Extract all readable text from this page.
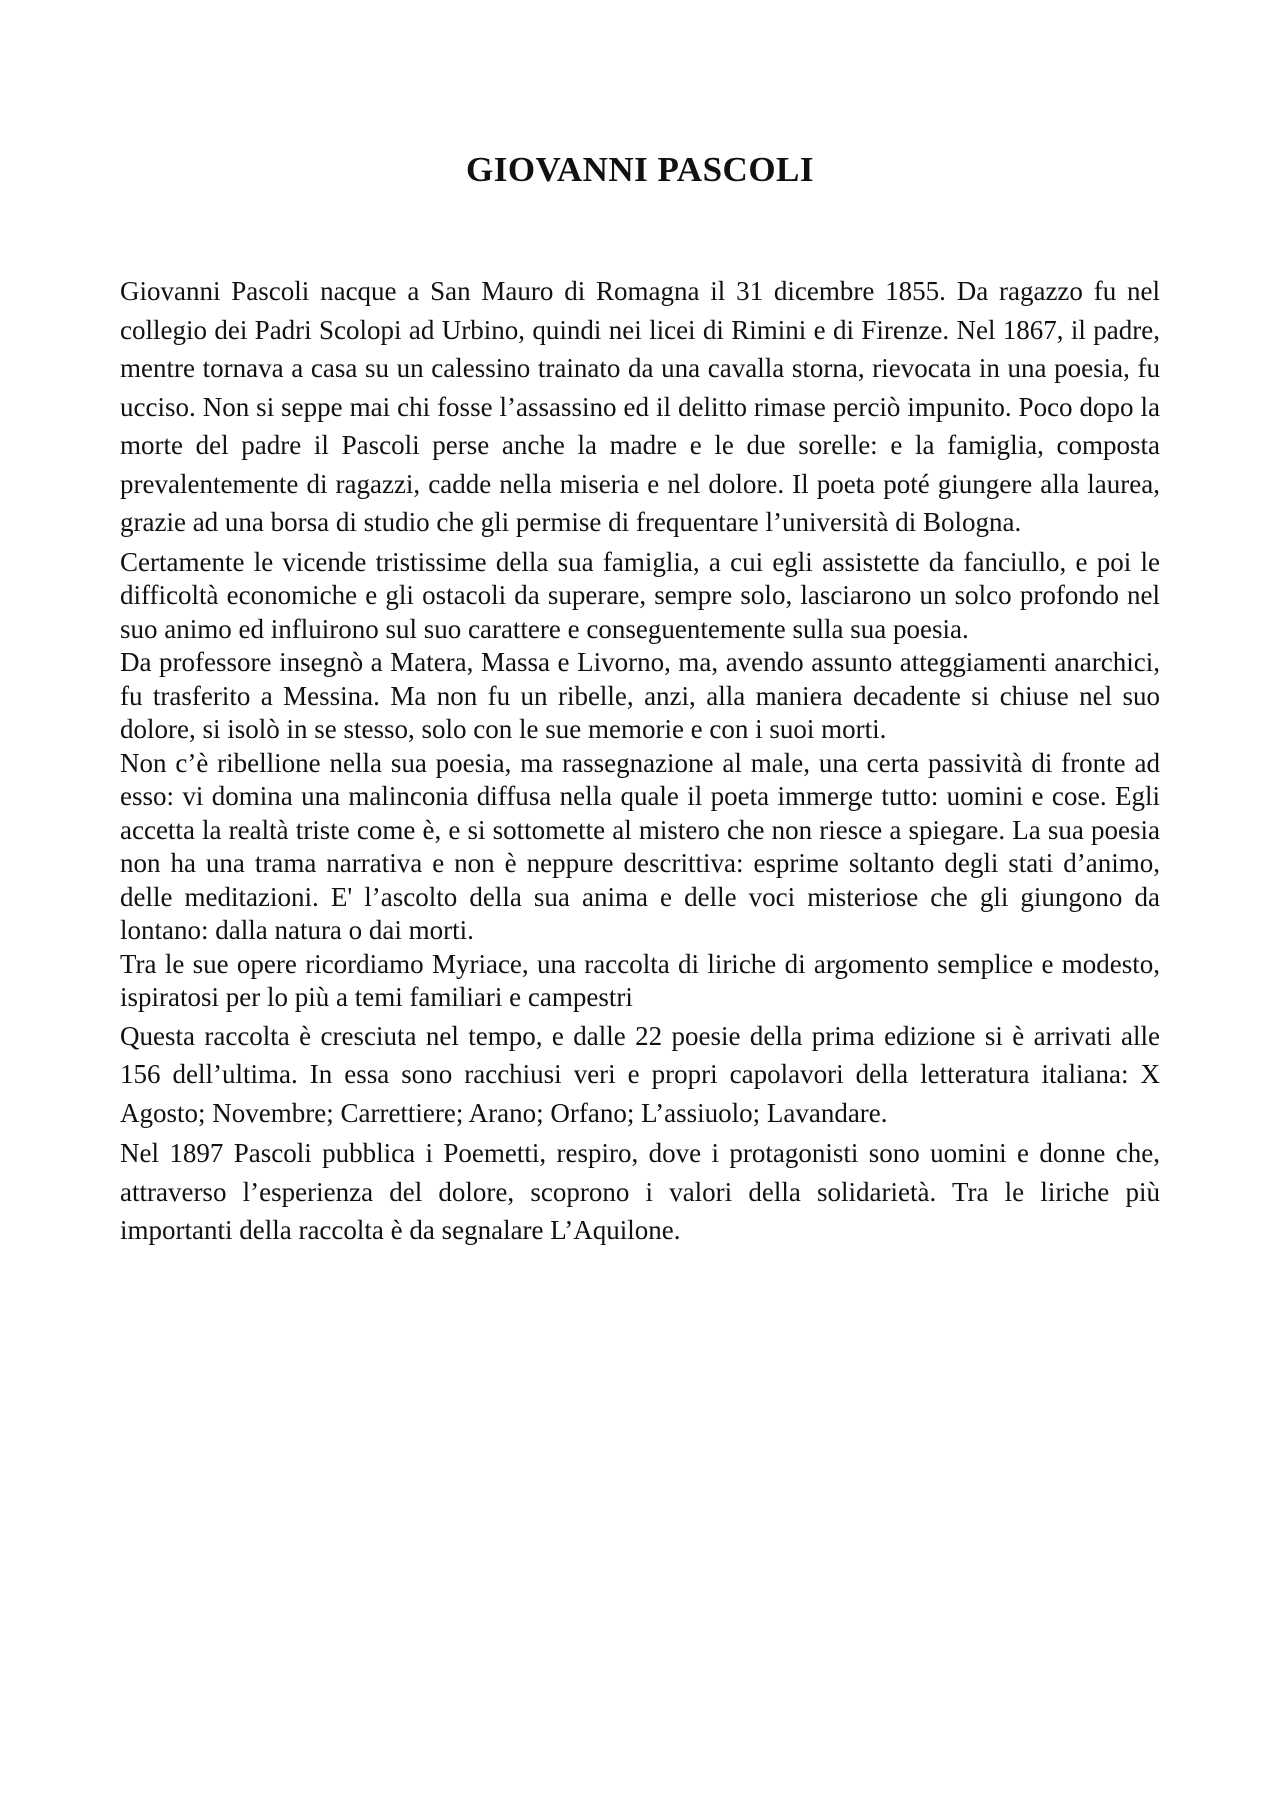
GIOVANNI PASCOLI

Giovanni Pascoli nacque a San Mauro di Romagna il 31 dicembre 1855. Da ragazzo fu nel collegio dei Padri Scolopi ad Urbino, quindi nei licei di Rimini e di Firenze. Nel 1867, il padre, mentre tornava a casa su un calessino trainato da una cavalla storna, rievocata in una poesia, fu ucciso. Non si seppe mai chi fosse l’assassino ed il delitto rimase perciò impunito. Poco dopo la morte del padre il Pascoli perse anche la madre e le due sorelle: e la famiglia, composta prevalentemente di ragazzi, cadde nella miseria e nel dolore. Il poeta poté giungere alla laurea, grazie ad una borsa di studio che gli permise di frequentare l’università di Bologna.

Certamente le vicende tristissime della sua famiglia, a cui egli assistette da fanciullo, e poi le difficoltà economiche e gli ostacoli da superare, sempre solo, lasciarono un solco profondo nel suo animo ed influirono sul suo carattere e conseguentemente sulla sua poesia.

Da professore insegnò a Matera, Massa e Livorno, ma, avendo assunto atteggiamenti anarchici, fu trasferito a Messina. Ma non fu un ribelle, anzi, alla maniera decadente si chiuse nel suo dolore, si isolò in se stesso, solo con le sue memorie e con i suoi morti.

Non c’è ribellione nella sua poesia, ma rassegnazione al male, una certa passività di fronte ad esso: vi domina una malinconia diffusa nella quale il poeta immerge tutto: uomini e cose. Egli accetta la realtà triste come è, e si sottomette al mistero che non riesce a spiegare. La sua poesia non ha una trama narrativa e non è neppure descrittiva: esprime soltanto degli stati d’animo, delle meditazioni. E' l’ascolto della sua anima e delle voci misteriose che gli giungono da lontano: dalla natura o dai morti.

Tra le sue opere ricordiamo Myriace, una raccolta di liriche di argomento semplice e modesto, ispiratosi per lo più a temi familiari e campestri

Questa raccolta è cresciuta nel tempo, e dalle 22 poesie della prima edizione si è arrivati alle 156 dell’ultima. In essa sono racchiusi veri e propri capolavori della letteratura italiana: X Agosto; Novembre; Carrettiere; Arano; Orfano; L’assiuolo; Lavandare.

Nel 1897 Pascoli pubblica i Poemetti, respiro, dove i protagonisti sono uomini e donne che, attraverso l’esperienza del dolore, scoprono i valori della solidarietà. Tra le liriche più importanti della raccolta è da segnalare L’Aquilone.
